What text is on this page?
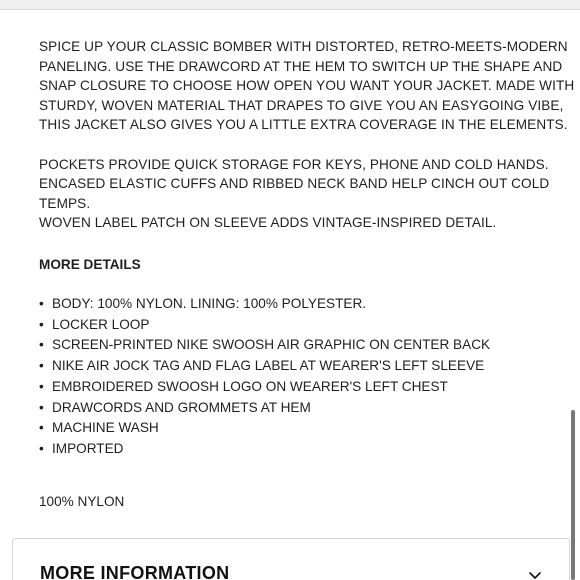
SPICE UP YOUR CLASSIC BOMBER WITH DISTORTED, RETRO-MEETS-MODERN
PANELING. USE THE DRAWCORD AT THE HEM TO SWITCH UP THE SHAPE AND
SNAP CLOSURE TO CHOOSE HOW OPEN YOU WANT YOUR JACKET. MADE WITH
STURDY, WOVEN MATERIAL THAT DRAPES TO GIVE YOU AN EASYGOING VIBE,
THIS JACKET ALSO GIVES YOU A LITTLE EXTRA COVERAGE IN THE ELEMENTS.

POCKETS PROVIDE QUICK STORAGE FOR KEYS, PHONE AND COLD HANDS.
ENCASED ELASTIC CUFFS AND RIBBED NECK BAND HELP CINCH OUT COLD
TEMPS.
WOVEN LABEL PATCH ON SLEEVE ADDS VINTAGE-INSPIRED DETAIL.

MORE DETAILS
• BODY: 100% NYLON. LINING: 100% POLYESTER.
• LOCKER LOOP
• SCREEN-PRINTED NIKE SWOOSH AIR GRAPHIC ON CENTER BACK
• NIKE AIR JOCK TAG AND FLAG LABEL AT WEARER'S LEFT SLEEVE
• EMBROIDERED SWOOSH LOGO ON WEARER'S LEFT CHEST
• DRAWCORDS AND GROMMETS AT HEM
• MACHINE WASH
• IMPORTED
100% NYLON
MORE INFORMATION
